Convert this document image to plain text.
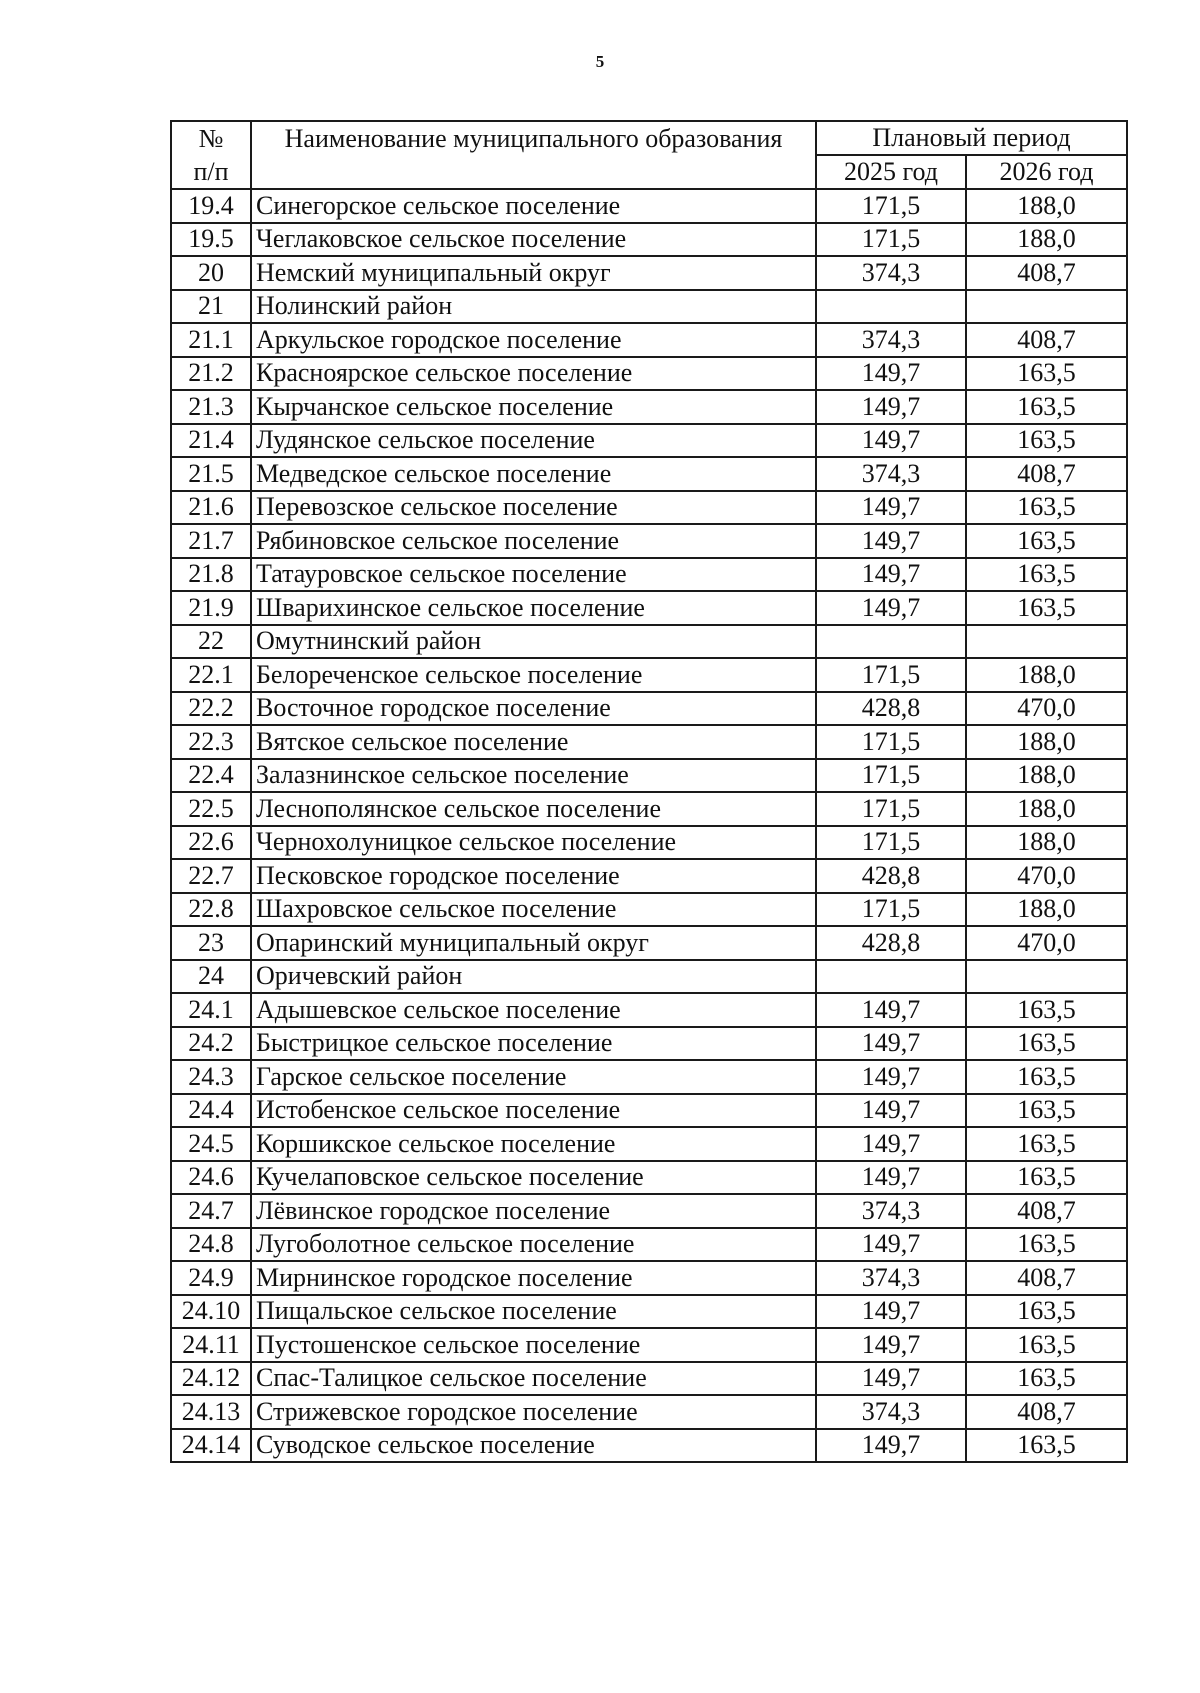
5
№	Наименование муниципального образования	Плановый период	
п/п		2025 год	2026 год
19.4	Синегорское сельское поселение	171,5	188,0
19.5	Чеглаковское сельское поселение	171,5	188,0
20	Немский муниципальный округ	374,3	408,7
21	Нолинский район		
21.1	Аркульское городское поселение	374,3	408,7
21.2	Красноярское сельское поселение	149,7	163,5
21.3	Кырчанское сельское поселение	149,7	163,5
21.4	Лудянское сельское поселение	149,7	163,5
21.5	Медведское сельское поселение	374,3	408,7
21.6	Перевозское сельское поселение	149,7	163,5
21.7	Рябиновское сельское поселение	149,7	163,5
21.8	Татауровское сельское поселение	149,7	163,5
21.9	Шварихинское сельское поселение	149,7	163,5
22	Омутнинский район		
22.1	Белореченское сельское поселение	171,5	188,0
22.2	Восточное городское поселение	428,8	470,0
22.3	Вятское сельское поселение	171,5	188,0
22.4	Залазнинское сельское поселение	171,5	188,0
22.5	Леснополянское сельское поселение	171,5	188,0
22.6	Чернохолуницкое сельское поселение	171,5	188,0
22.7	Песковское городское поселение	428,8	470,0
22.8	Шахровское сельское поселение	171,5	188,0
23	Опаринский муниципальный округ	428,8	470,0
24	Оричевский район		
24.1	Адышевское сельское поселение	149,7	163,5
24.2	Быстрицкое сельское поселение	149,7	163,5
24.3	Гарское сельское поселение	149,7	163,5
24.4	Истобенское сельское поселение	149,7	163,5
24.5	Коршикское сельское поселение	149,7	163,5
24.6	Кучелаповское сельское поселение	149,7	163,5
24.7	Лёвинское городское поселение	374,3	408,7
24.8	Лугоболотное сельское поселение	149,7	163,5
24.9	Мирнинское городское поселение	374,3	408,7
24.10	Пищальское сельское поселение	149,7	163,5
24.11	Пустошенское сельское поселение	149,7	163,5
24.12	Спас-Талицкое сельское поселение	149,7	163,5
24.13	Стрижевское городское поселение	374,3	408,7
24.14	Суводское сельское поселение	149,7	163,5
